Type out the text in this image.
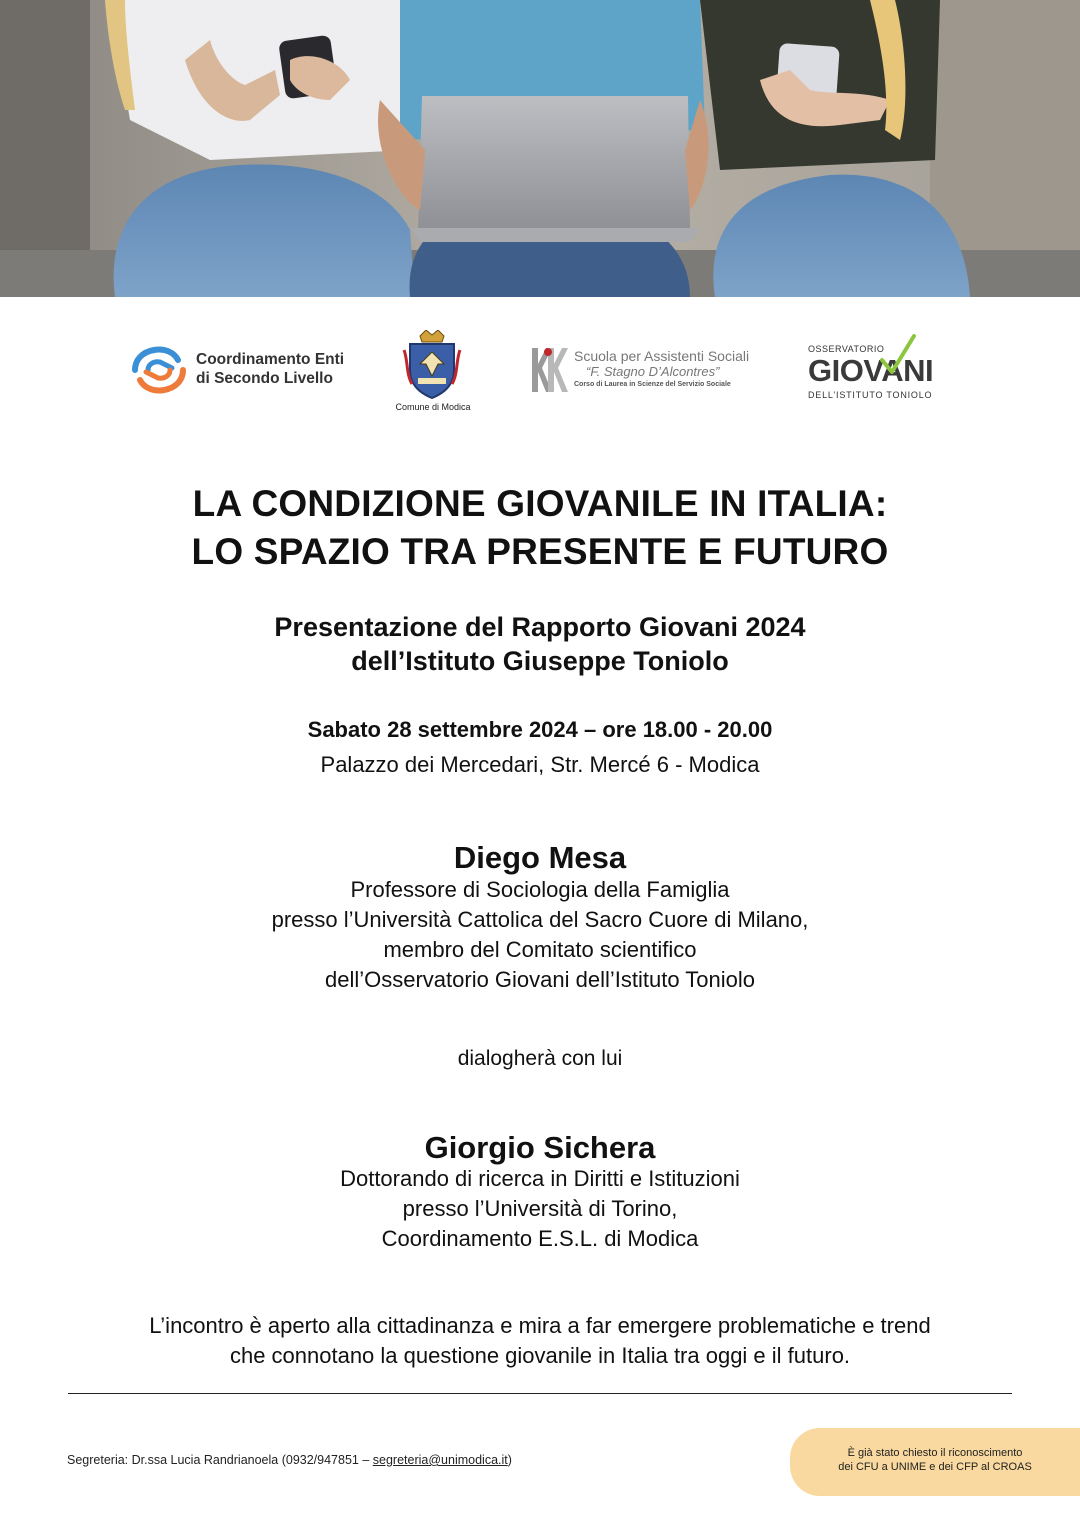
Coordinamento Enti
di Secondo Livello
Comune di Modica
Scuola per Assistenti Sociali
“F. Stagno D’Alcontres”
Corso di Laurea in Scienze del Servizio Sociale
OSSERVATORIO
GIOVANI
DELL’ISTITUTO TONIOLO
LA CONDIZIONE GIOVANILE IN ITALIA:
LO SPAZIO TRA PRESENTE E FUTURO
Presentazione del Rapporto Giovani 2024
dell’Istituto Giuseppe Toniolo
Sabato 28 settembre 2024 – ore 18.00 - 20.00
Palazzo dei Mercedari, Str. Mercé 6 - Modica
Diego Mesa
Professore di Sociologia della Famiglia
presso l’Università Cattolica del Sacro Cuore di Milano,
membro del Comitato scientifico
dell’Osservatorio Giovani dell’Istituto Toniolo
dialogherà con lui
Giorgio Sichera
Dottorando di ricerca in Diritti e Istituzioni
presso l’Università di Torino,
Coordinamento E.S.L. di Modica
L’incontro è aperto alla cittadinanza e mira a far emergere problematiche e trend
che connotano la questione giovanile in Italia tra oggi e il futuro.
Segreteria: Dr.ssa Lucia Randrianoela (0932/947851 – segreteria@unimodica.it)	È già stato chiesto il riconoscimento
dei CFU a UNIME e dei CFP al CROAS
